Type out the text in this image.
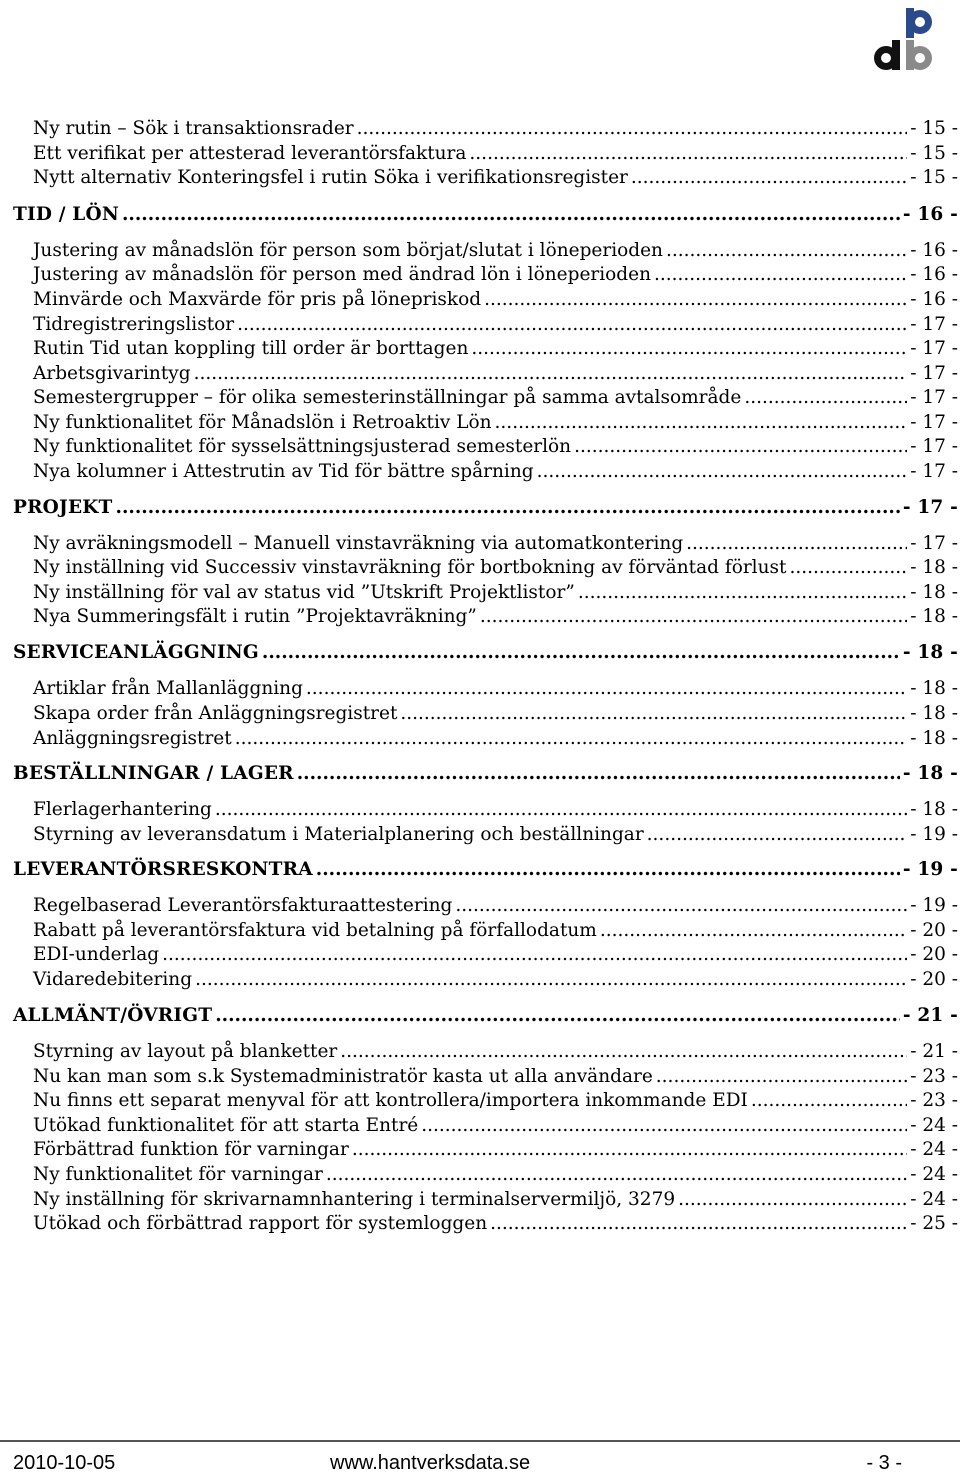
Ny rutin – Sök i transaktionsrader .....	- 15 -
Ett verifikat per attesterad leverantörsfaktura .....	- 15 -
Nytt alternativ Konteringsfel i rutin Söka i verifikationsregister .....	- 15 -
TID / LÖN .....	- 16 -
Justering av månadslön för person som börjat/slutat i löneperioden .....	- 16 -
Justering av månadslön för person med ändrad lön i löneperioden .....	- 16 -
Minvärde och Maxvärde för pris på lönepriskod .....	- 16 -
Tidregistreringslistor .....	- 17 -
Rutin Tid utan koppling till order är borttagen .....	- 17 -
Arbetsgivarintyg .....	- 17 -
Semestergrupper – för olika semesterinställningar på samma avtalsområde .....	- 17 -
Ny funktionalitet för Månadslön i Retroaktiv Lön .....	- 17 -
Ny funktionalitet för sysselsättningsjusterad semesterlön .....	- 17 -
Nya kolumner i Attestrutin av Tid för bättre spårning .....	- 17 -
PROJEKT .....	- 17 -
Ny avräkningsmodell – Manuell vinstavräkning via automatkontering .....	- 17 -
Ny inställning vid Successiv vinstavräkning för bortbokning av förväntad förlust .....	- 18 -
Ny inställning för val av status vid ”Utskrift Projektlistor” .....	- 18 -
Nya Summeringsfält i rutin ”Projektavräkning” .....	- 18 -
SERVICEANLÄGGNING .....	- 18 -
Artiklar från Mallanläggning .....	- 18 -
Skapa order från Anläggningsregistret .....	- 18 -
Anläggningsregistret .....	- 18 -
BESTÄLLNINGAR / LAGER .....	- 18 -
Flerlagerhantering .....	- 18 -
Styrning av leveransdatum i Materialplanering och beställningar .....	- 19 -
LEVERANTÖRSRESKONTRA .....	- 19 -
Regelbaserad Leverantörsfakturaattestering .....	- 19 -
Rabatt på leverantörsfaktura vid betalning på förfallodatum .....	- 20 -
EDI-underlag .....	- 20 -
Vidaredebitering .....	- 20 -
ALLMÄNT/ÖVRIGT .....	- 21 -
Styrning av layout på blanketter .....	- 21 -
Nu kan man som s.k Systemadministratör kasta ut alla användare .....	- 23 -
Nu finns ett separat menyval för att kontrollera/importera inkommande EDI .....	- 23 -
Utökad funktionalitet för att starta Entré .....	- 24 -
Förbättrad funktion för varningar .....	- 24 -
Ny funktionalitet för varningar .....	- 24 -
Ny inställning för skrivarnamnhantering i terminalservermiljö, 3279 .....	- 24 -
Utökad och förbättrad rapport för systemloggen .....	- 25 -
2010-10-05	www.hantverksdata.se	- 3 -
